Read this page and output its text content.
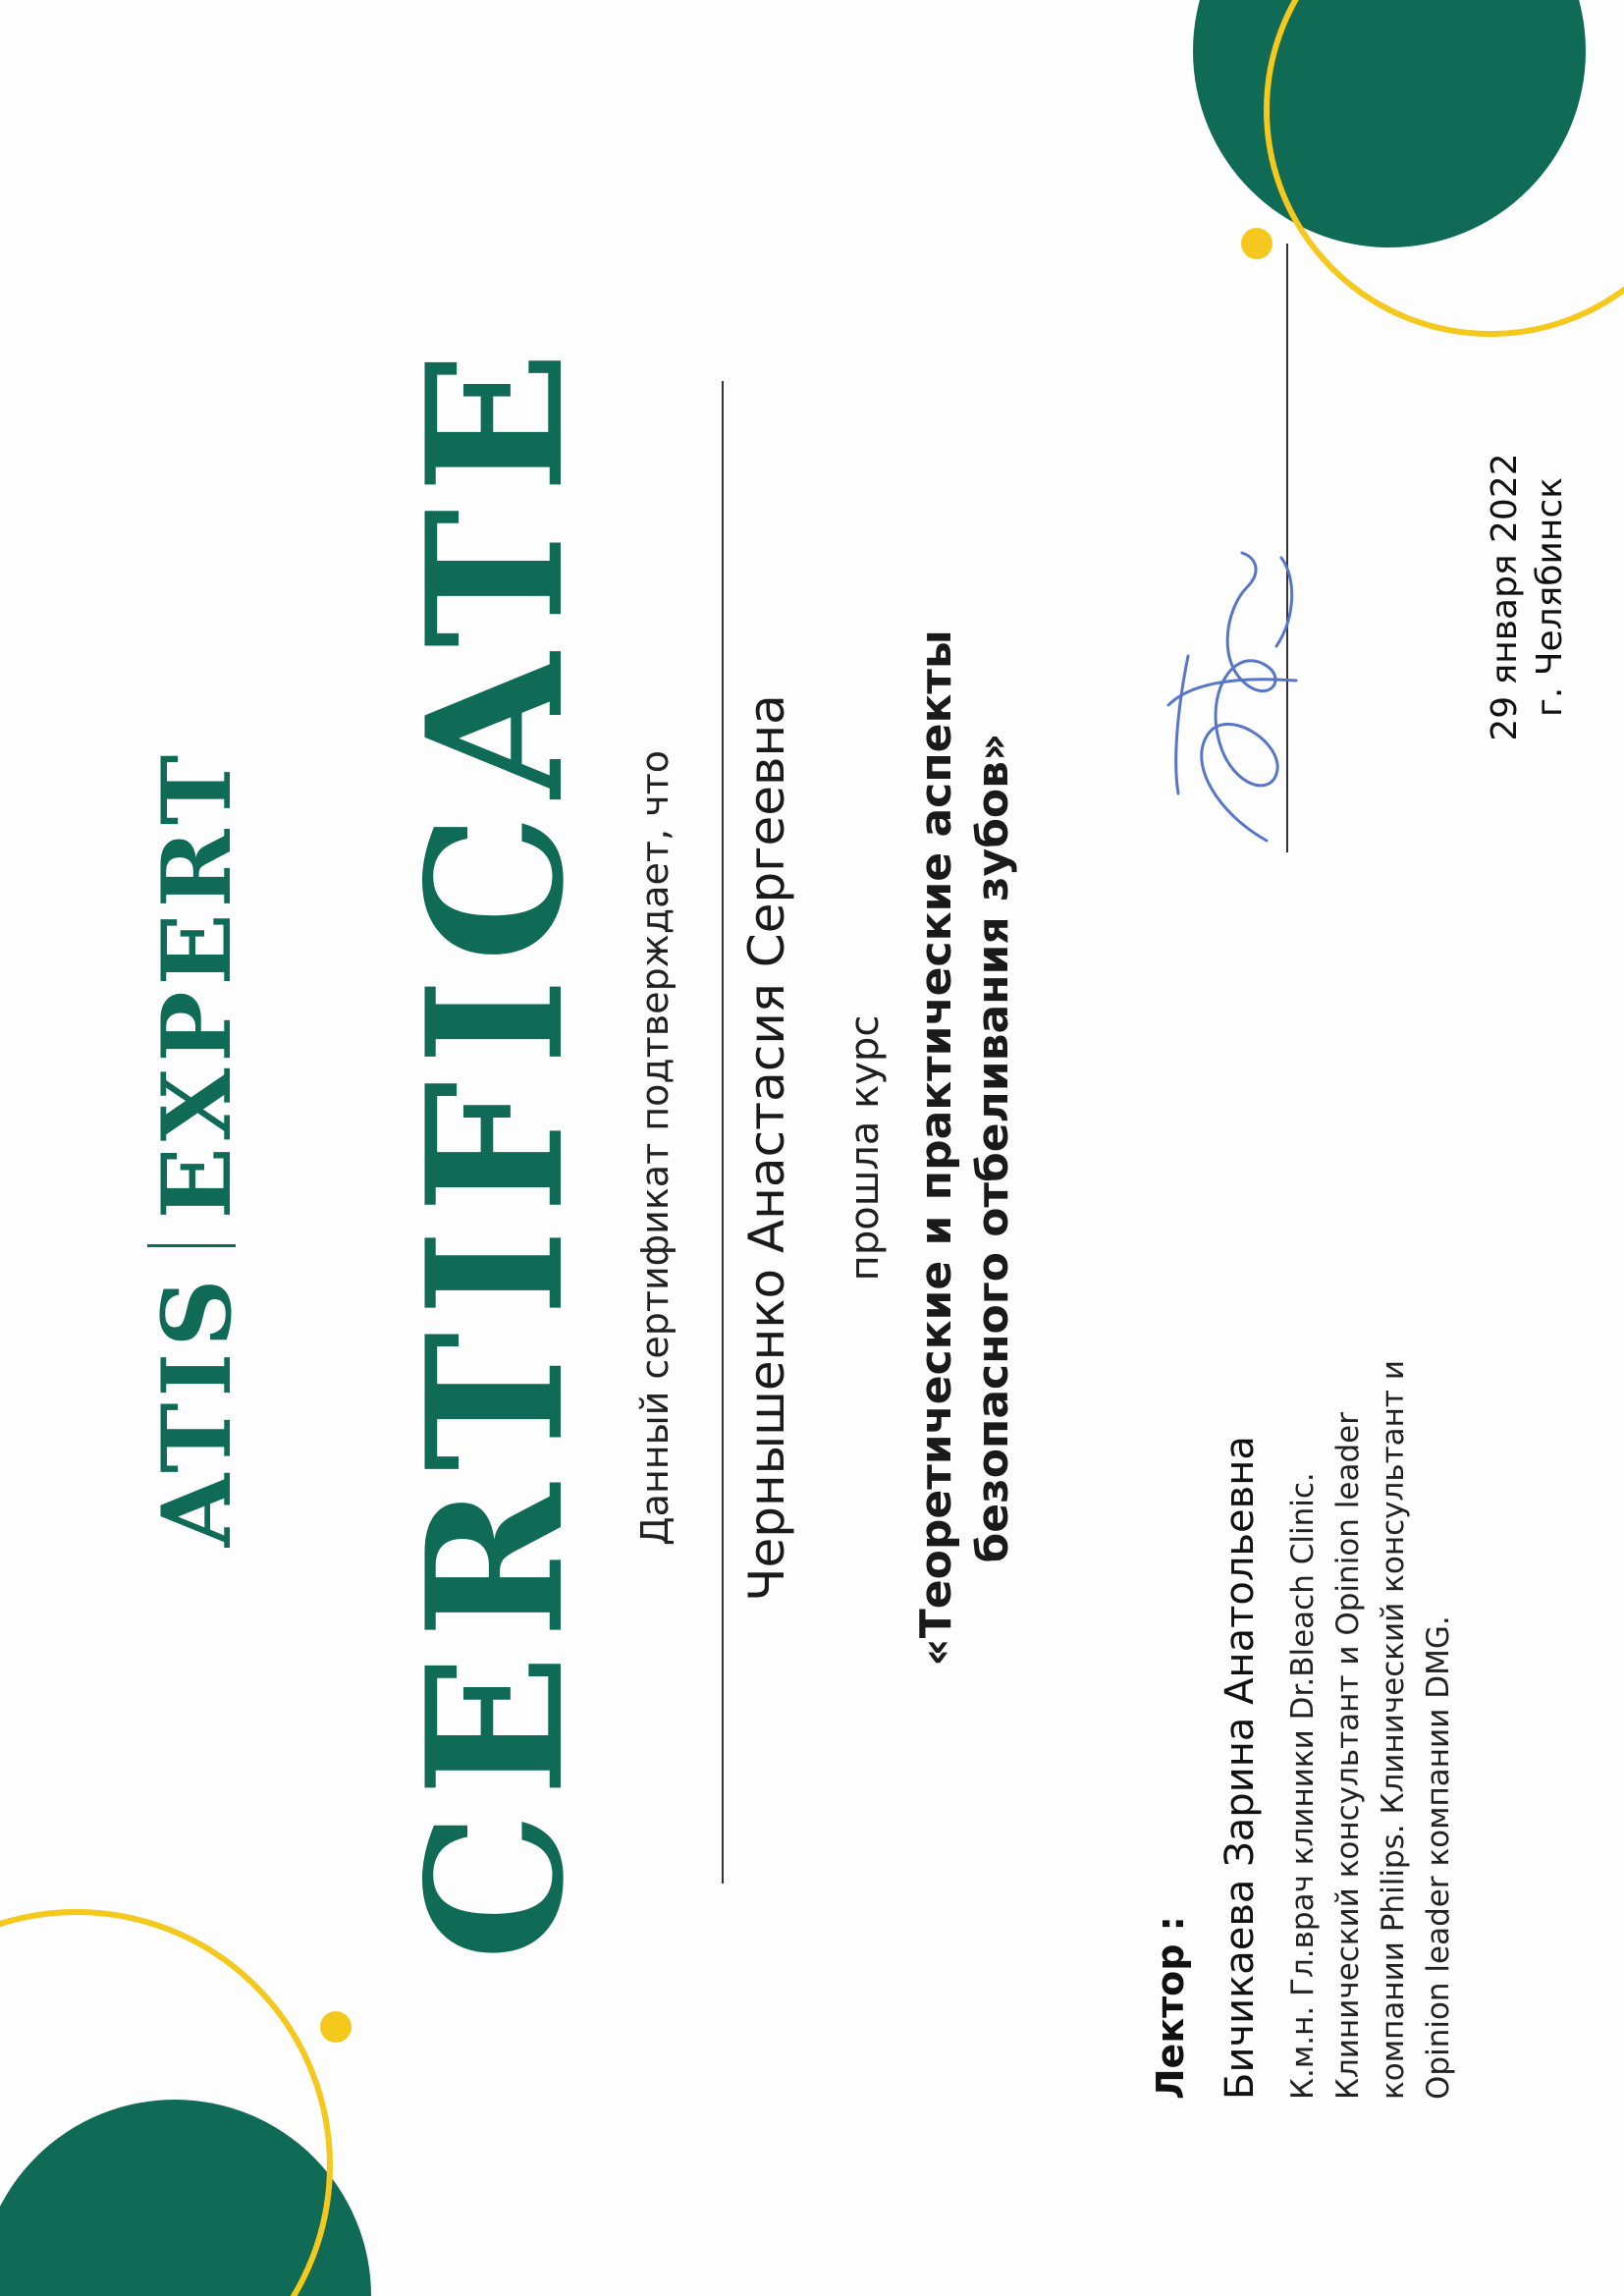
ATISEXPERT CERTIFICATE Данный сертификат подтверждает, что Чернышенко Анастасия Сергеевна прошла курс «Теоретические и практические аспекты безопасного отбеливания зубов»
Лектор : Бичикаева Зарина Анатольевна К.м.н. Гл.врач клиники Dr.Bleach Clinic. Клинический консультант и Opinion leader компании Philips. Клинический консультант и Opinion leader компании DMG.
29 января 2022 г. Челябинск
